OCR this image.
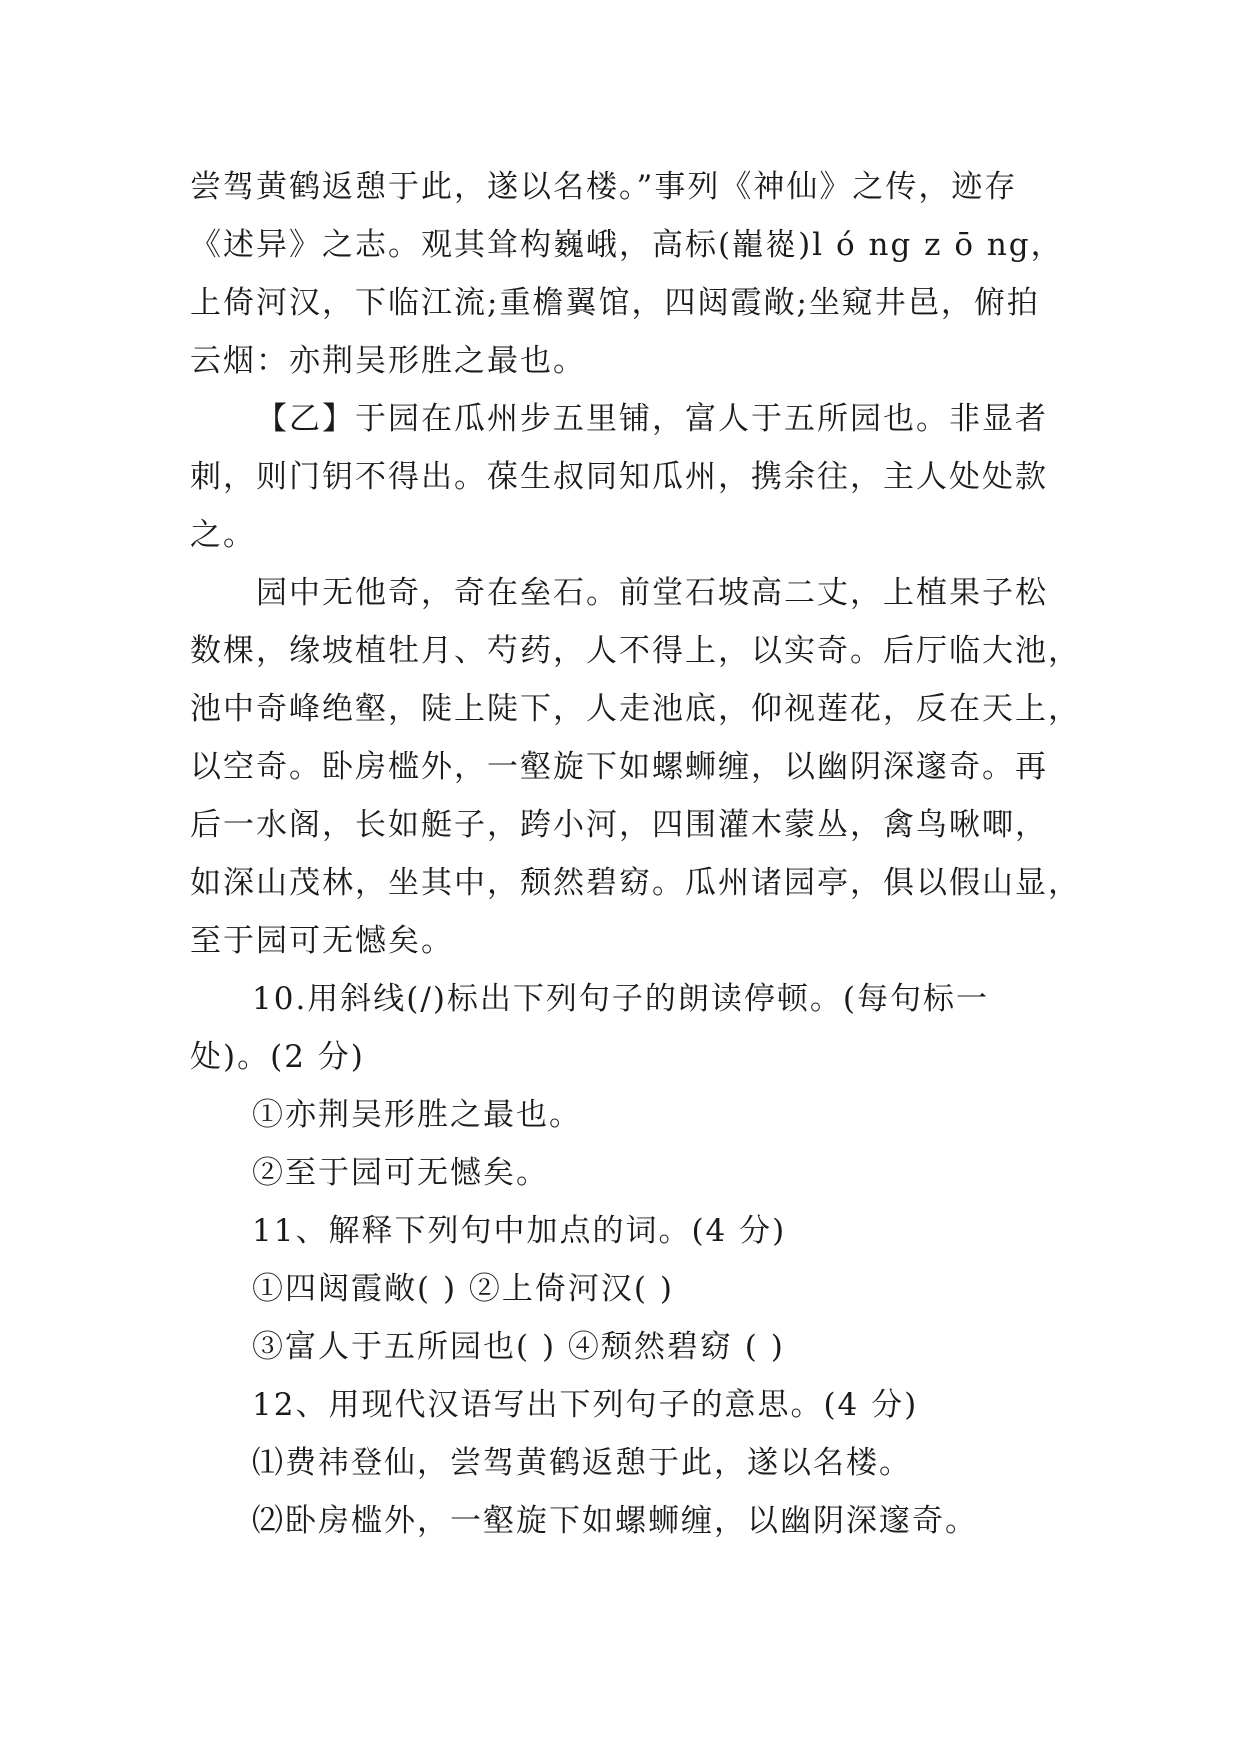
尝驾黄鹤返憩于此，遂以名楼。”事列《神仙》之传，迹存
《述异》之志。观其耸构巍峨，高标(巃嵸)l ó ng z ō ng，
上倚河汉，下临江流;重檐翼馆，四闼霞敞;坐窥井邑，俯拍
云烟：亦荆吴形胜之最也。
【乙】于园在瓜州步五里铺，富人于五所园也。非显者
刺，则门钥不得出。葆生叔同知瓜州，携余往，主人处处款
之。
园中无他奇，奇在垒石。前堂石坡高二丈，上植果子松
数棵，缘坡植牡月、芍药，人不得上，以实奇。后厅临大池，
池中奇峰绝壑，陡上陡下，人走池底，仰视莲花，反在天上，
以空奇。卧房槛外，一壑旋下如螺蛳缠，以幽阴深邃奇。再
后一水阁，长如艇子，跨小河，四围灌木蒙丛，禽鸟啾唧，
如深山茂林，坐其中，颓然碧窈。瓜州诸园亭，俱以假山显，
至于园可无憾矣。
10.用斜线(/)标出下列句子的朗读停顿。(每句标一
处)。(2 分)
①亦荆吴形胜之最也。
②至于园可无憾矣。
11、解释下列句中加点的词。(4 分)
①四闼霞敞( ) ②上倚河汉( )
③富人于五所园也( ) ④颓然碧窈 ( )
12、用现代汉语写出下列句子的意思。(4 分)
⑴费祎登仙，尝驾黄鹤返憩于此，遂以名楼。
⑵卧房槛外，一壑旋下如螺蛳缠，以幽阴深邃奇。
